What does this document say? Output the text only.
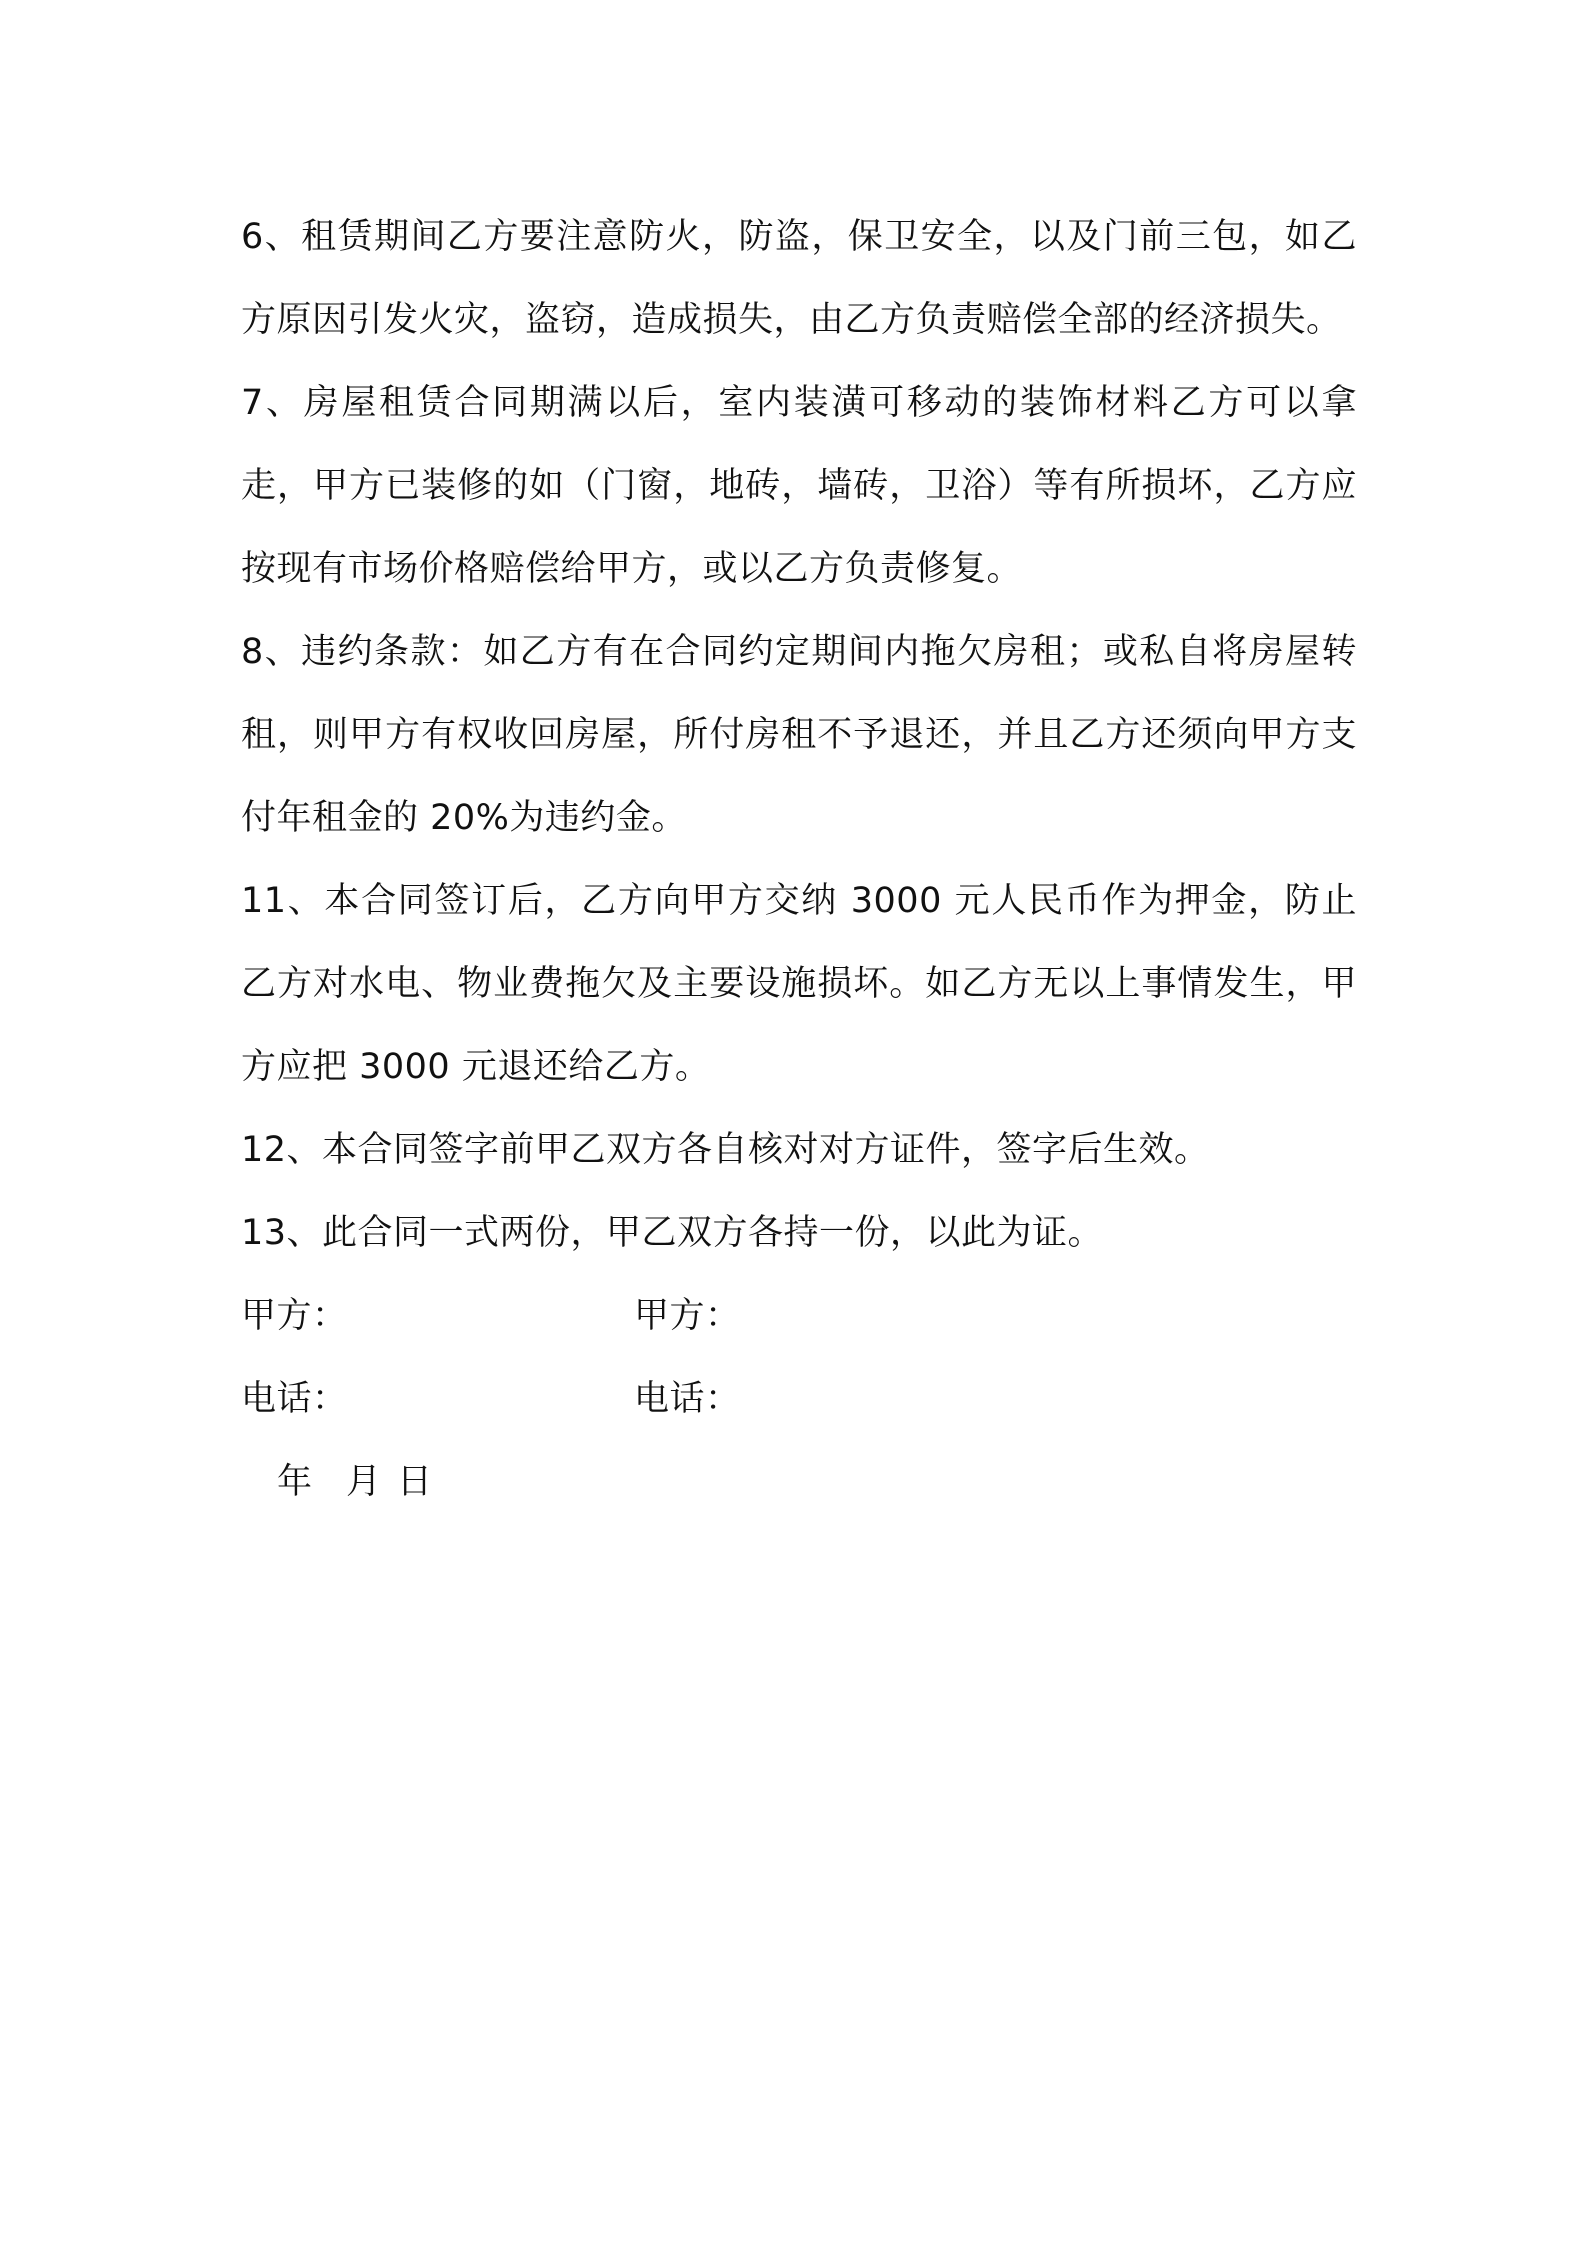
6、租赁期间乙方要注意防火，防盗，保卫安全，以及门前三包，如乙方原因引发火灾，盗窃，造成损失，由乙方负责赔偿全部的经济损失。

7、房屋租赁合同期满以后，室内装潢可移动的装饰材料乙方可以拿走，甲方已装修的如（门窗，地砖，墙砖，卫浴）等有所损坏，乙方应按现有市场价格赔偿给甲方，或以乙方负责修复。

8、违约条款：如乙方有在合同约定期间内拖欠房租；或私自将房屋转租，则甲方有权收回房屋，所付房租不予退还，并且乙方还须向甲方支付年租金的 20%为违约金。

11、本合同签订后，乙方向甲方交纳 3000 元人民币作为押金，防止乙方对水电、物业费拖欠及主要设施损坏。如乙方无以上事情发生，甲方应把 3000 元退还给乙方。

12、本合同签字前甲乙双方各自核对对方证件，签字后生效。

13、此合同一式两份，甲乙双方各持一份，以此为证。

甲方：	甲方：
电话：	电话：
年 月 日
